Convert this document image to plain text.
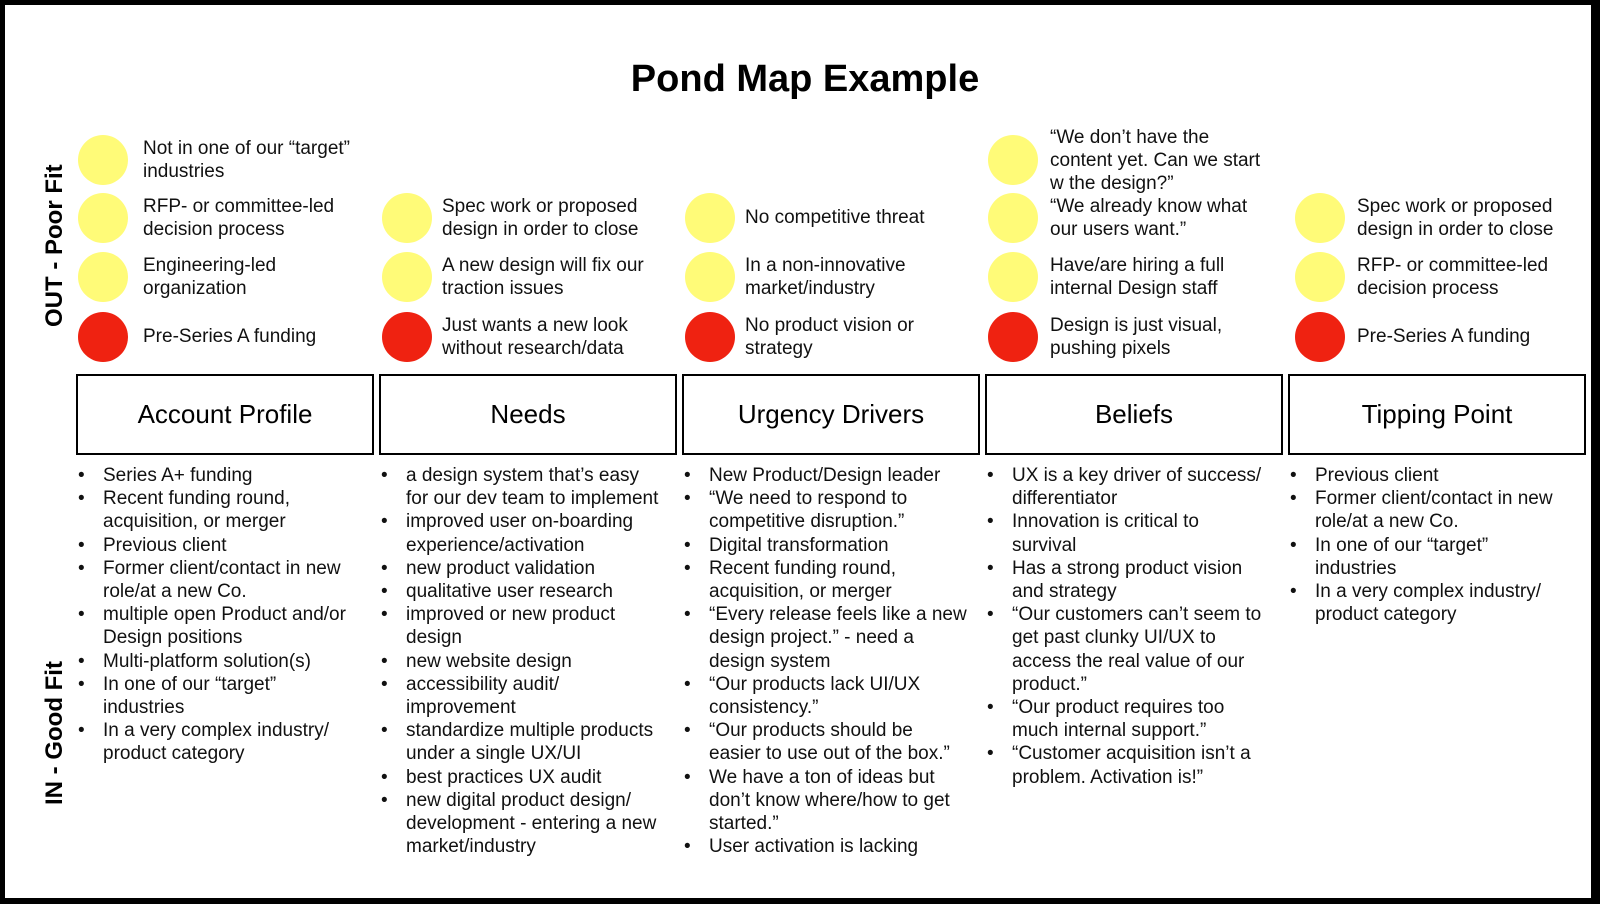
Pond Map Example
OUT - Poor Fit
IN - Good Fit
Account Profile
Not in one of our “target”
industries
RFP- or committee-led
decision process
Engineering-led
organization
Pre-Series A funding
• Series A+ funding
• Recent funding round,
acquisition, or merger
• Previous client
• Former client/contact in new
role/at a new Co.
• multiple open Product and/or
Design positions
• Multi-platform solution(s)
• In one of our “target”
industries
• In a very complex industry/
product category
Needs
Spec work or proposed
design in order to close
A new design will fix our
traction issues
Just wants a new look
without research/data
• a design system that’s easy
for our dev team to implement
• improved user on-boarding
experience/activation
• new product validation
• qualitative user research
• improved or new product
design
• new website design
• accessibility audit/
improvement
• standardize multiple products
under a single UX/UI
• best practices UX audit
• new digital product design/
development - entering a new
market/industry
Urgency Drivers
No competitive threat
In a non-innovative
market/industry
No product vision or
strategy
• New Product/Design leader
• “We need to respond to
competitive disruption.”
• Digital transformation
• Recent funding round,
acquisition, or merger
• “Every release feels like a new
design project.” - need a
design system
• “Our products lack UI/UX
consistency.”
• “Our products should be
easier to use out of the box.”
• We have a ton of ideas but
don’t know where/how to get
started.”
• User activation is lacking
Beliefs
“We don’t have the
content yet. Can we start
w the design?”
“We already know what
our users want.”
Have/are hiring a full
internal Design staff
Design is just visual,
pushing pixels
• UX is a key driver of success/
differentiator
• Innovation is critical to
survival
• Has a strong product vision
and strategy
• “Our customers can’t seem to
get past clunky UI/UX to
access the real value of our
product.”
• “Our product requires too
much internal support.”
• “Customer acquisition isn’t a
problem. Activation is!”
Tipping Point
Spec work or proposed
design in order to close
RFP- or committee-led
decision process
Pre-Series A funding
• Previous client
• Former client/contact in new
role/at a new Co.
• In one of our “target”
industries
• In a very complex industry/
product category
